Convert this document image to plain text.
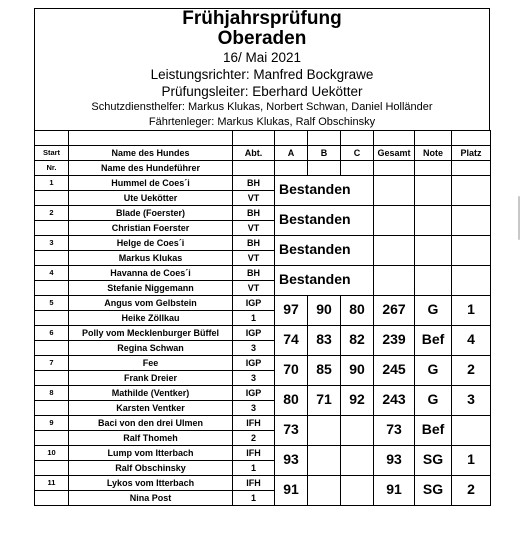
Frühjahrsprüfung
Oberaden
16/ Mai 2021
Leistungsrichter: Manfred Bockgrawe
Prüfungsleiter: Eberhard Uekötter
Schutzdiensthelfer: Markus Klukas, Norbert Schwan, Daniel Holländer
Fährtenleger: Markus Klukas, Ralf Obschinsky

Start	Name des Hundes	Abt.	A	B	C	Gesamt	Note	Platz
Nr.	Name des Hundeführer							
1	Hummel de Coes´i	BH	Bestanden					

	Ute Uekötter	VT						
2	Blade (Foerster)	BH	Bestanden					

	Christian Foerster	VT						
3	Helge de Coes´i	BH	Bestanden					

	Markus Klukas	VT						
4	Havanna de Coes´i	BH	Bestanden					

	Stefanie Niggemann	VT						
5	Angus vom Gelbstein	IGP	97	90	80	267	G	1

	Heike Zöllkau	1						
6	Polly vom Mecklenburger Büffel	IGP	74	83	82	239	Bef	4

	Regina Schwan	3						
7	Fee	IGP	70	85	90	245	G	2

	Frank Dreier	3						
8	Mathilde (Ventker)	IGP	80	71	92	243	G	3

	Karsten Ventker	3						
9	Baci von den drei Ulmen	IFH	73			73	Bef	

	Ralf Thomeh	2						
10	Lump vom Itterbach	IFH	93			93	SG	1

	Ralf Obschinsky	1						
11	Lykos vom Itterbach	IFH	91			91	SG	2

	Nina Post	1						
